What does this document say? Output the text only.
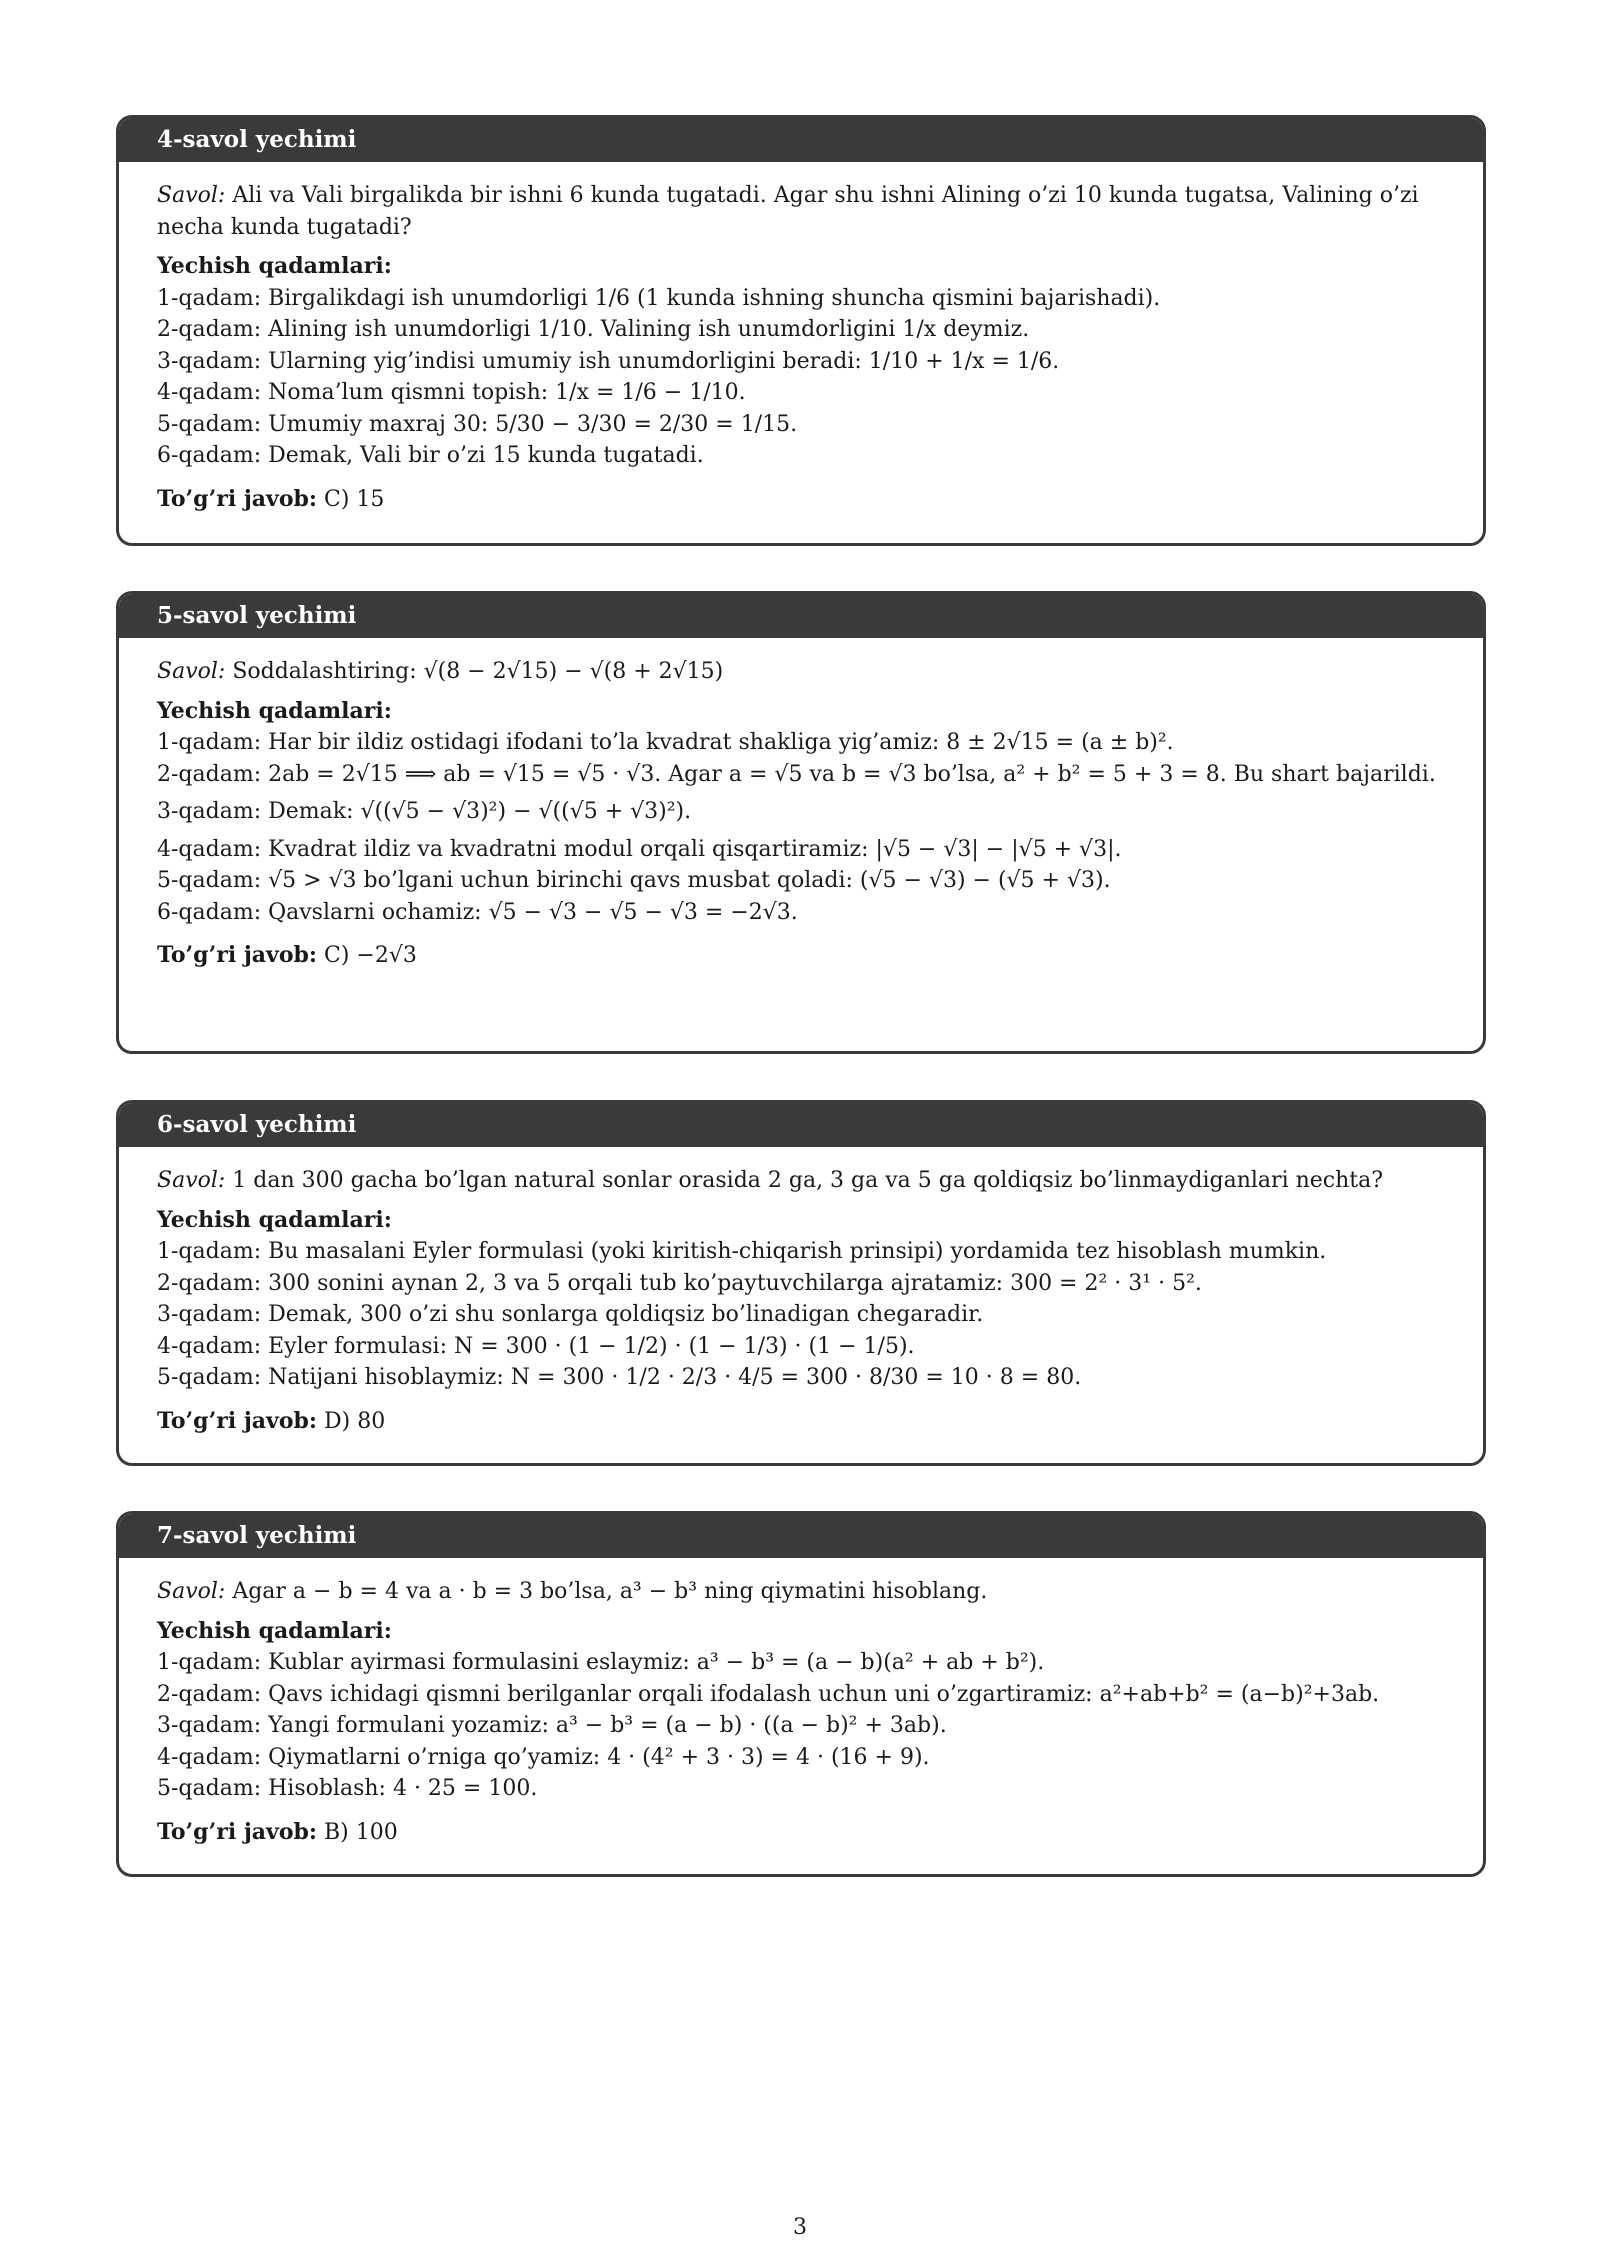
4-savol yechimi
Savol: Ali va Vali birgalikda bir ishni 6 kunda tugatadi. Agar shu ishni Alining o’zi 10 kunda tugatsa, Valining o’zi necha kunda tugatadi?
Yechish qadamlari:
1-qadam: Birgalikdagi ish unumdorligi 1/6 (1 kunda ishning shuncha qismini bajarishadi).
2-qadam: Alining ish unumdorligi 1/10. Valining ish unumdorligini 1/x deymiz.
3-qadam: Ularning yig’indisi umumiy ish unumdorligini beradi: 1/10 + 1/x = 1/6.
4-qadam: Noma’lum qismni topish: 1/x = 1/6 − 1/10.
5-qadam: Umumiy maxraj 30: 5/30 − 3/30 = 2/30 = 1/15.
6-qadam: Demak, Vali bir o’zi 15 kunda tugatadi.
To’g’ri javob: C) 15
5-savol yechimi
Savol: Soddalashtiring: √(8 − 2√15) − √(8 + 2√15)
Yechish qadamlari:
1-qadam: Har bir ildiz ostidagi ifodani to’la kvadrat shakliga yig’amiz: 8 ± 2√15 = (a ± b)².
2-qadam: 2ab = 2√15 ⟹ ab = √15 = √5 · √3. Agar a = √5 va b = √3 bo’lsa, a² + b² = 5 + 3 = 8. Bu shart bajarildi.
3-qadam: Demak: √((√5 − √3)²) − √((√5 + √3)²).
4-qadam: Kvadrat ildiz va kvadratni modul orqali qisqartiramiz: |√5 − √3| − |√5 + √3|.
5-qadam: √5 > √3 bo’lgani uchun birinchi qavs musbat qoladi: (√5 − √3) − (√5 + √3).
6-qadam: Qavslarni ochamiz: √5 − √3 − √5 − √3 = −2√3.
To’g’ri javob: C) −2√3
6-savol yechimi
Savol: 1 dan 300 gacha bo’lgan natural sonlar orasida 2 ga, 3 ga va 5 ga qoldiqsiz bo’linmaydiganlari nechta?
Yechish qadamlari:
1-qadam: Bu masalani Eyler formulasi (yoki kiritish-chiqarish prinsipi) yordamida tez hisoblash mumkin.
2-qadam: 300 sonini aynan 2, 3 va 5 orqali tub ko’paytuvchilarga ajratamiz: 300 = 2² · 3¹ · 5².
3-qadam: Demak, 300 o’zi shu sonlarga qoldiqsiz bo’linadigan chegaradir.
4-qadam: Eyler formulasi: N = 300 · (1 − 1/2) · (1 − 1/3) · (1 − 1/5).
5-qadam: Natijani hisoblaymiz: N = 300 · 1/2 · 2/3 · 4/5 = 300 · 8/30 = 10 · 8 = 80.
To’g’ri javob: D) 80
7-savol yechimi
Savol: Agar a − b = 4 va a · b = 3 bo’lsa, a³ − b³ ning qiymatini hisoblang.
Yechish qadamlari:
1-qadam: Kublar ayirmasi formulasini eslaymiz: a³ − b³ = (a − b)(a² + ab + b²).
2-qadam: Qavs ichidagi qismni berilganlar orqali ifodalash uchun uni o’zgartiramiz: a²+ab+b² = (a−b)²+3ab.
3-qadam: Yangi formulani yozamiz: a³ − b³ = (a − b) · ((a − b)² + 3ab).
4-qadam: Qiymatlarni o’rniga qo’yamiz: 4 · (4² + 3 · 3) = 4 · (16 + 9).
5-qadam: Hisoblash: 4 · 25 = 100.
To’g’ri javob: B) 100
3
